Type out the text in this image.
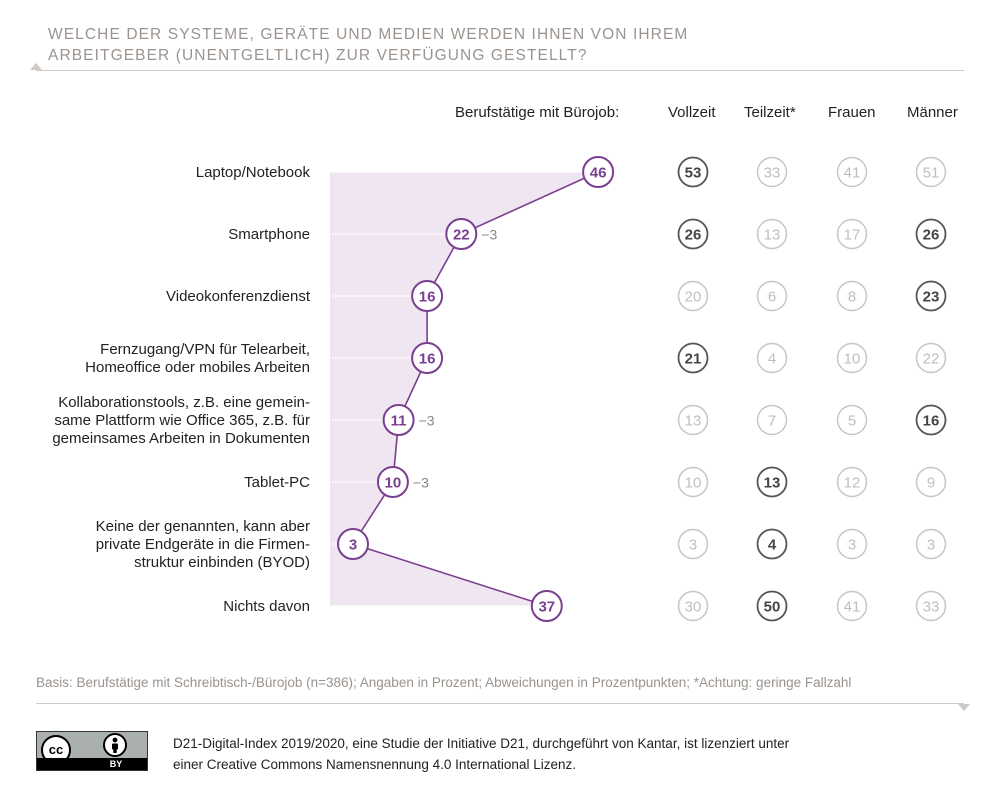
WELCHE DER SYSTEME, GERÄTE UND MEDIEN WERDEN IHNEN VON IHREM
ARBEITGEBER (UNENTGELTLICH) ZUR VERFÜGUNG GESTELLT?
Berufstätige mit Bürojob:	Vollzeit Teilzeit* Frauen Männer
Laptop/Notebook
Smartphone
Videokonferenzdienst
Fernzugang/VPN für Telearbeit,
Homeoffice oder mobiles Arbeiten
Kollaborationstools, z.B. eine gemein-
same Plattform wie Office 365, z.B. für
gemeinsames Arbeiten in Dokumenten
Tablet-PC
Keine der genannten, kann aber
private Endgeräte in die Firmen-
struktur einbinden (BYOD)
Nichts davon
46
22 −3
16
16
11 −3
10 −3
3
37
53
26
20
21
13
10
3
30
33
13
6
4
7
13
4
50
41
17
8
10
5
12
3
41
51
26
23
22
16
9
3
33
Basis: Berufstätige mit Schreibtisch-/Bürojob (n=386); Angaben in Prozent; Abweichungen in Prozentpunkten; *Achtung: geringe Fallzahl
cc
BY
D21-Digital-Index 2019/2020, eine Studie der Initiative D21, durchgeführt von Kantar, ist lizenziert unter
einer Creative Commons Namensnennung 4.0 International Lizenz.
